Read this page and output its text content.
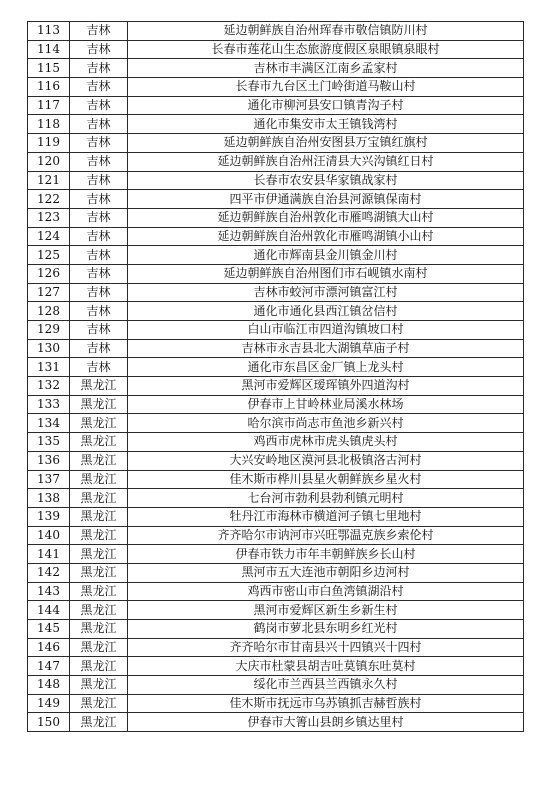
113	吉林	延边朝鲜族自治州珲春市敬信镇防川村
114	吉林	长春市莲花山生态旅游度假区泉眼镇泉眼村
115	吉林	吉林市丰满区江南乡孟家村
116	吉林	长春市九台区土门岭街道马鞍山村
117	吉林	通化市柳河县安口镇青沟子村
118	吉林	通化市集安市太王镇钱湾村
119	吉林	延边朝鲜族自治州安图县万宝镇红旗村
120	吉林	延边朝鲜族自治州汪清县大兴沟镇红日村
121	吉林	长春市农安县华家镇战家村
122	吉林	四平市伊通满族自治县河源镇保南村
123	吉林	延边朝鲜族自治州敦化市雁鸣湖镇大山村
124	吉林	延边朝鲜族自治州敦化市雁鸣湖镇小山村
125	吉林	通化市辉南县金川镇金川村
126	吉林	延边朝鲜族自治州图们市石岘镇水南村
127	吉林	吉林市蛟河市漂河镇富江村
128	吉林	通化市通化县西江镇岔信村
129	吉林	白山市临江市四道沟镇坡口村
130	吉林	吉林市永吉县北大湖镇草庙子村
131	吉林	通化市东昌区金厂镇上龙头村
132	黑龙江	黑河市爱辉区瑷珲镇外四道沟村
133	黑龙江	伊春市上甘岭林业局溪水林场
134	黑龙江	哈尔滨市尚志市鱼池乡新兴村
135	黑龙江	鸡西市虎林市虎头镇虎头村
136	黑龙江	大兴安岭地区漠河县北极镇洛古河村
137	黑龙江	佳木斯市桦川县星火朝鲜族乡星火村
138	黑龙江	七台河市勃利县勃利镇元明村
139	黑龙江	牡丹江市海林市横道河子镇七里地村
140	黑龙江	齐齐哈尔市讷河市兴旺鄂温克族乡索伦村
141	黑龙江	伊春市铁力市年丰朝鲜族乡长山村
142	黑龙江	黑河市五大连池市朝阳乡边河村
143	黑龙江	鸡西市密山市白鱼湾镇湖沿村
144	黑龙江	黑河市爱辉区新生乡新生村
145	黑龙江	鹤岗市萝北县东明乡红光村
146	黑龙江	齐齐哈尔市甘南县兴十四镇兴十四村
147	黑龙江	大庆市杜蒙县胡吉吐莫镇东吐莫村
148	黑龙江	绥化市兰西县兰西镇永久村
149	黑龙江	佳木斯市抚远市乌苏镇抓吉赫哲族村
150	黑龙江	伊春市大箐山县朗乡镇达里村
